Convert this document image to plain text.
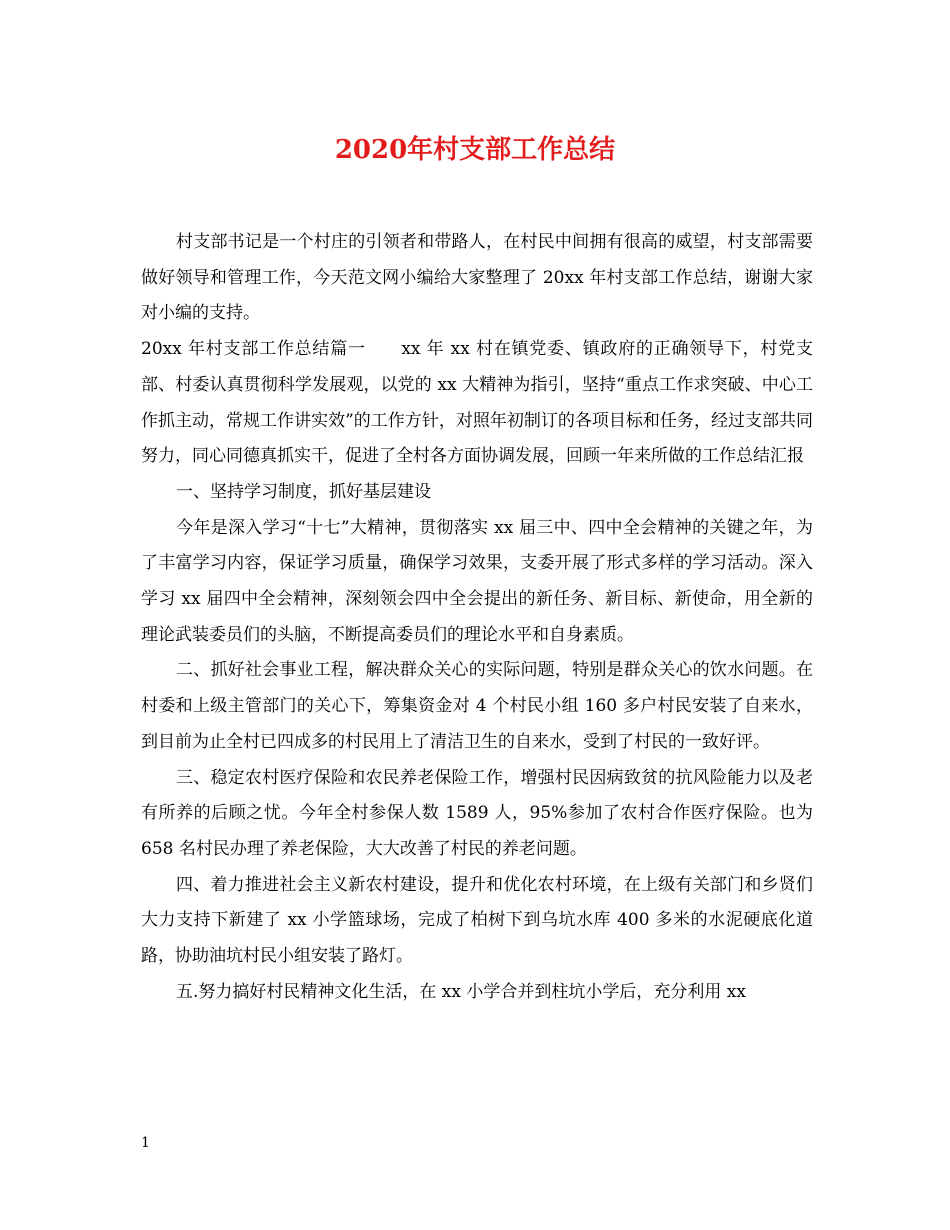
2020年村支部工作总结

村支部书记是一个村庄的引领者和带路人，在村民中间拥有很高的威望，村支部需要做好领导和管理工作，今天范文网小编给大家整理了 20xx 年村支部工作总结，谢谢大家对小编的支持。

20xx 年村支部工作总结篇一　　xx 年 xx 村在镇党委、镇政府的正确领导下，村党支部、村委认真贯彻科学发展观，以党的 xx 大精神为指引，坚持“重点工作求突破、中心工作抓主动，常规工作讲实效”的工作方针，对照年初制订的各项目标和任务，经过支部共同努力，同心同德真抓实干，促进了全村各方面协调发展，回顾一年来所做的工作总结汇报

一、坚持学习制度，抓好基层建设

今年是深入学习“十七”大精神，贯彻落实 xx 届三中、四中全会精神的关键之年，为了丰富学习内容，保证学习质量，确保学习效果，支委开展了形式多样的学习活动。深入学习 xx 届四中全会精神，深刻领会四中全会提出的新任务、新目标、新使命，用全新的理论武装委员们的头脑，不断提高委员们的理论水平和自身素质。

二、抓好社会事业工程，解决群众关心的实际问题，特别是群众关心的饮水问题。在村委和上级主管部门的关心下，筹集资金对 4 个村民小组 160 多户村民安装了自来水，到目前为止全村已四成多的村民用上了清洁卫生的自来水，受到了村民的一致好评。

三、稳定农村医疗保险和农民养老保险工作，增强村民因病致贫的抗风险能力以及老有所养的后顾之忧。今年全村参保人数 1589 人，95%参加了农村合作医疗保险。也为 658 名村民办理了养老保险，大大改善了村民的养老问题。

四、着力推进社会主义新农村建设，提升和优化农村环境，在上级有关部门和乡贤们大力支持下新建了 xx 小学篮球场，完成了柏树下到乌坑水库 400 多米的水泥硬底化道路，协助油坑村民小组安装了路灯。

五.努力搞好村民精神文化生活，在 xx 小学合并到柱坑小学后，充分利用 xx

1
